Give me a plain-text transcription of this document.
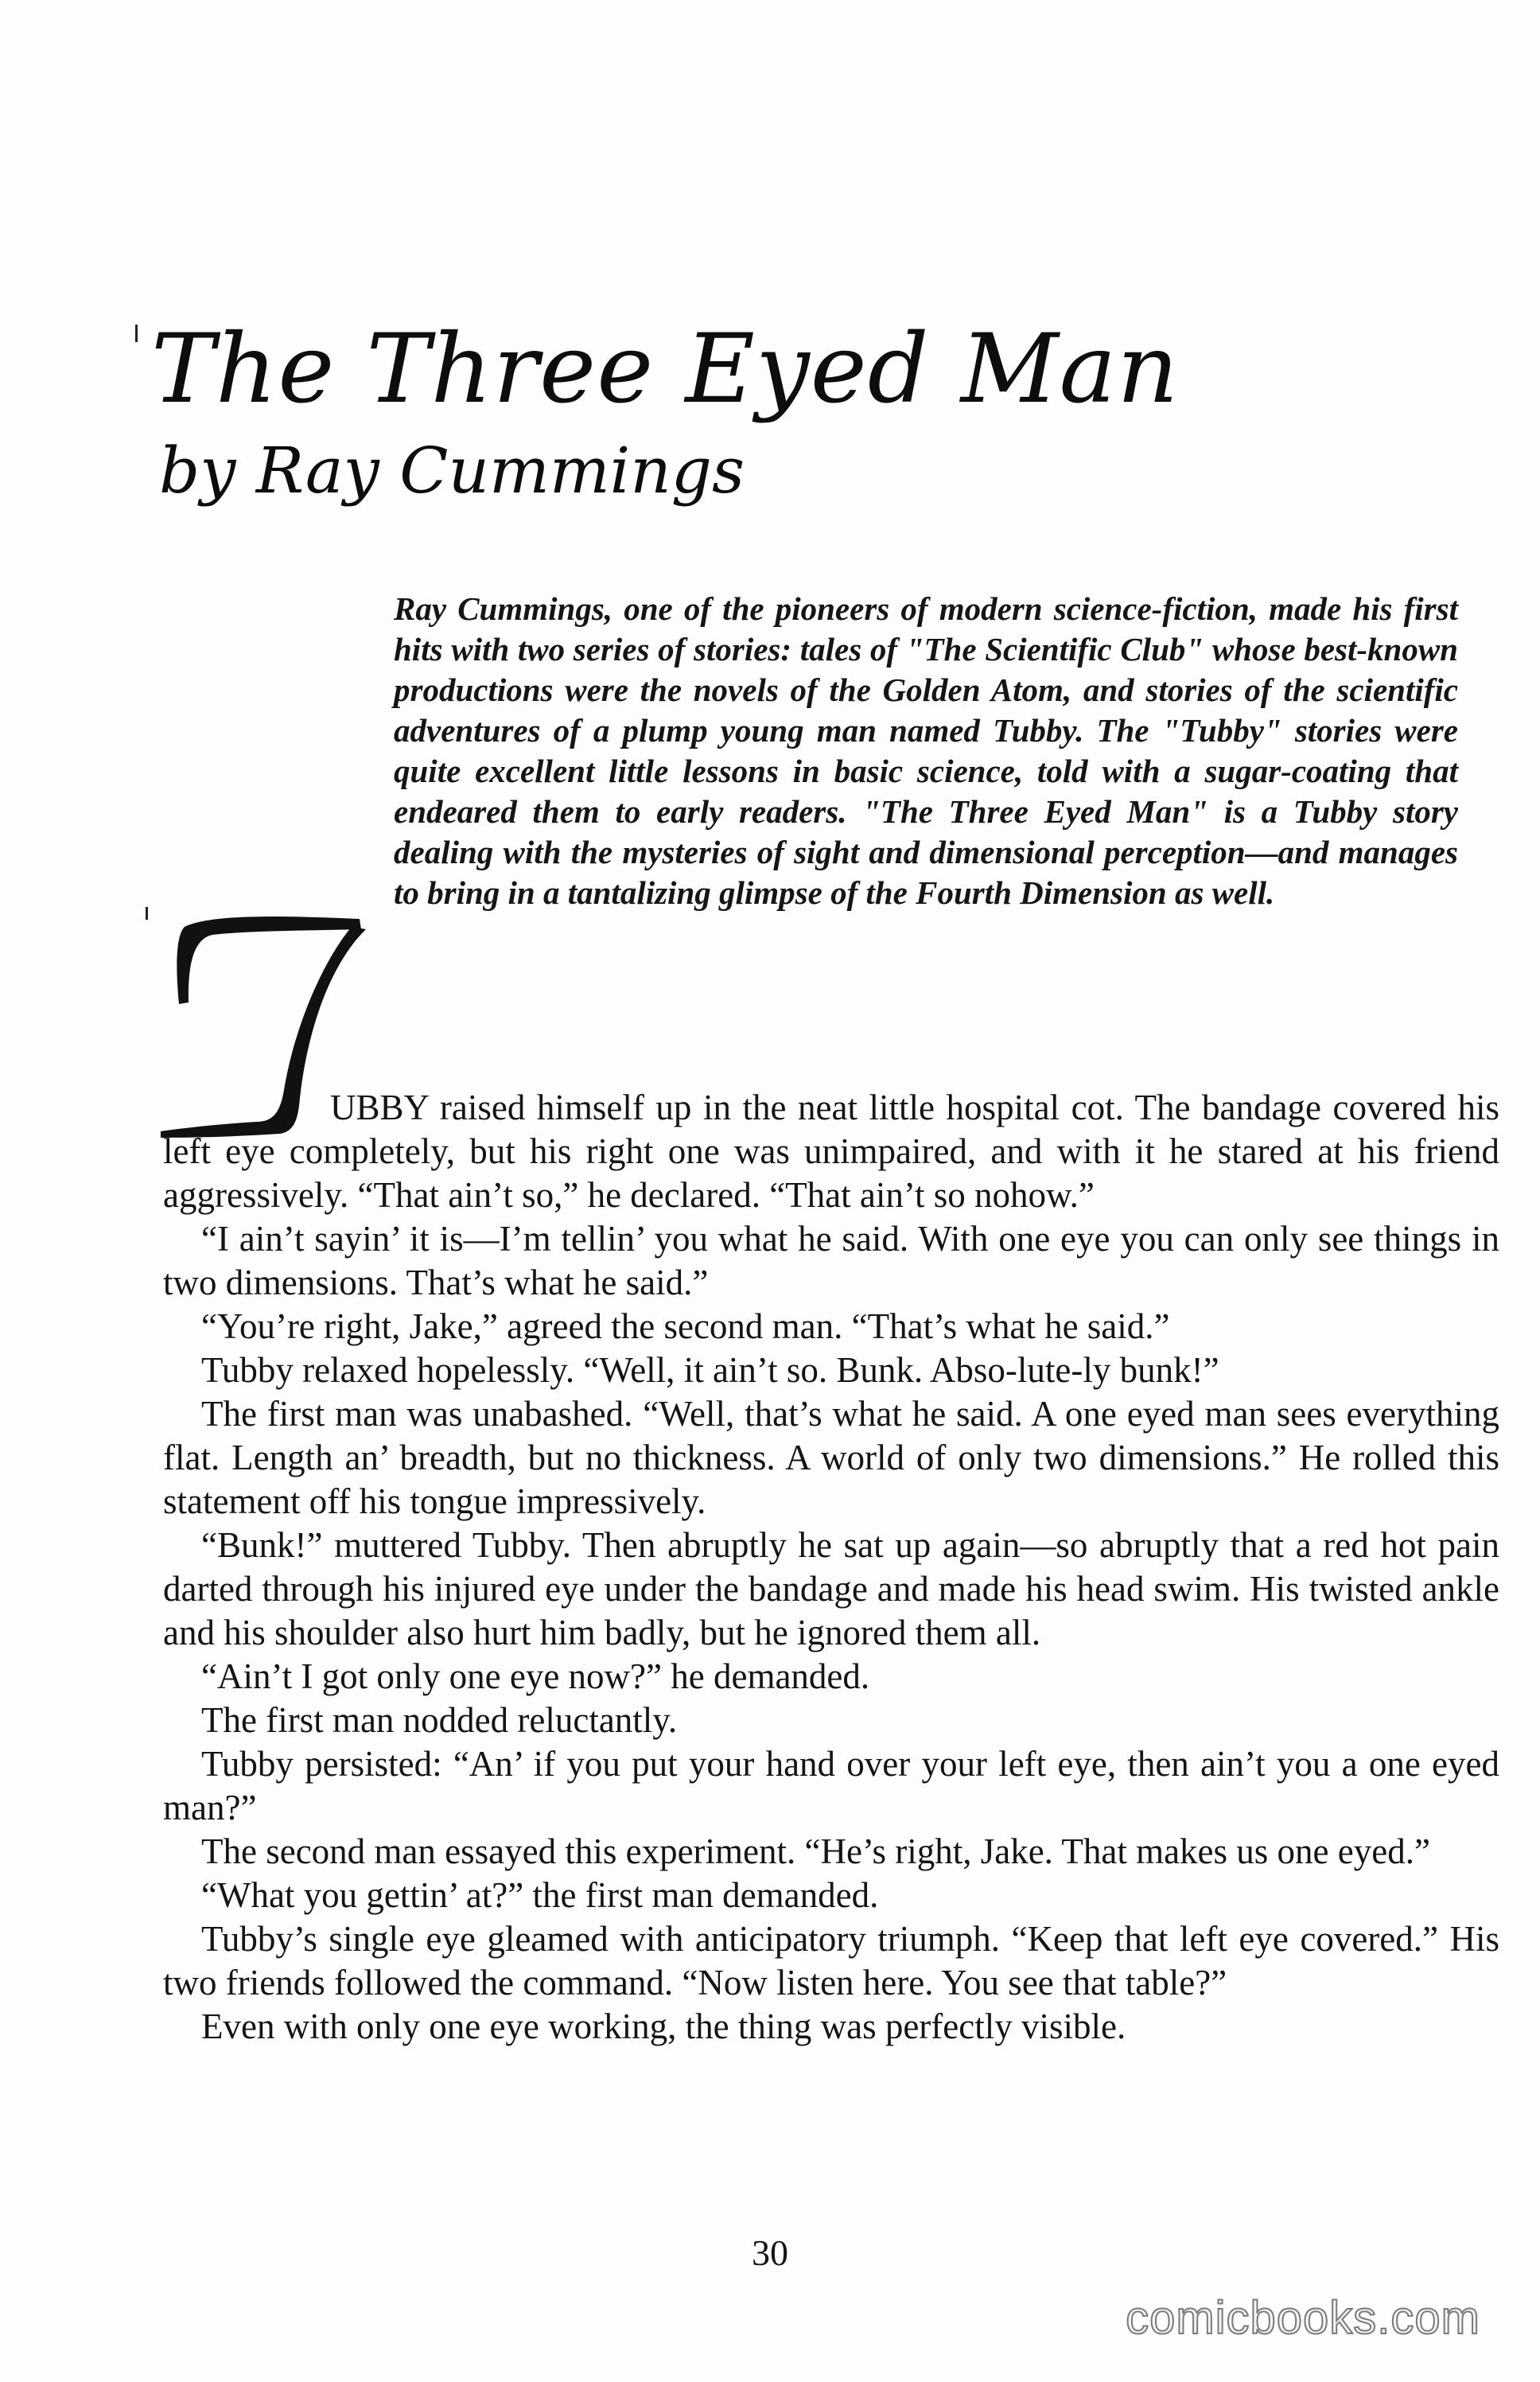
The Three Eyed Man
by Ray Cummings
Ray Cummings, one of the pioneers of modern science-fiction, made his first hits with two series of stories: tales of "The Scientific Club" whose best-known productions were the novels of the Golden Atom, and stories of the scientific adventures of a plump young man named Tubby. The "Tubby" stories were quite excellent little lessons in basic science, told with a sugar-coating that endeared them to early readers. "The Three Eyed Man" is a Tubby story dealing with the mysteries of sight and dimensional perception—and manages to bring in a tantalizing glimpse of the Fourth Dimension as well.
T

UBBY raised himself up in the neat little hospital cot. The bandage covered his left eye completely, but his right one was unimpaired, and with it he stared at his friend aggressively. “That ain’t so,” he declared. “That ain’t so nohow.”

“I ain’t sayin’ it is—I’m tellin’ you what he said. With one eye you can only see things in two dimensions. That’s what he said.”

“You’re right, Jake,” agreed the second man. “That’s what he said.”

Tubby relaxed hopelessly. “Well, it ain’t so. Bunk. Abso-lute-ly bunk!”

The first man was unabashed. “Well, that’s what he said. A one eyed man sees everything flat. Length an’ breadth, but no thickness. A world of only two dimensions.” He rolled this statement off his tongue impressively.

“Bunk!” muttered Tubby. Then abruptly he sat up again—so abruptly that a red hot pain darted through his injured eye under the bandage and made his head swim. His twisted ankle and his shoulder also hurt him badly, but he ignored them all.

“Ain’t I got only one eye now?” he demanded.

The first man nodded reluctantly.

Tubby persisted: “An’ if you put your hand over your left eye, then ain’t you a one eyed man?”

The second man essayed this experiment. “He’s right, Jake. That makes us one eyed.”

“What you gettin’ at?” the first man demanded.

Tubby’s single eye gleamed with anticipatory triumph. “Keep that left eye covered.” His two friends followed the command. “Now listen here. You see that table?”

Even with only one eye working, the thing was perfectly visible.

30
comicbooks.com
